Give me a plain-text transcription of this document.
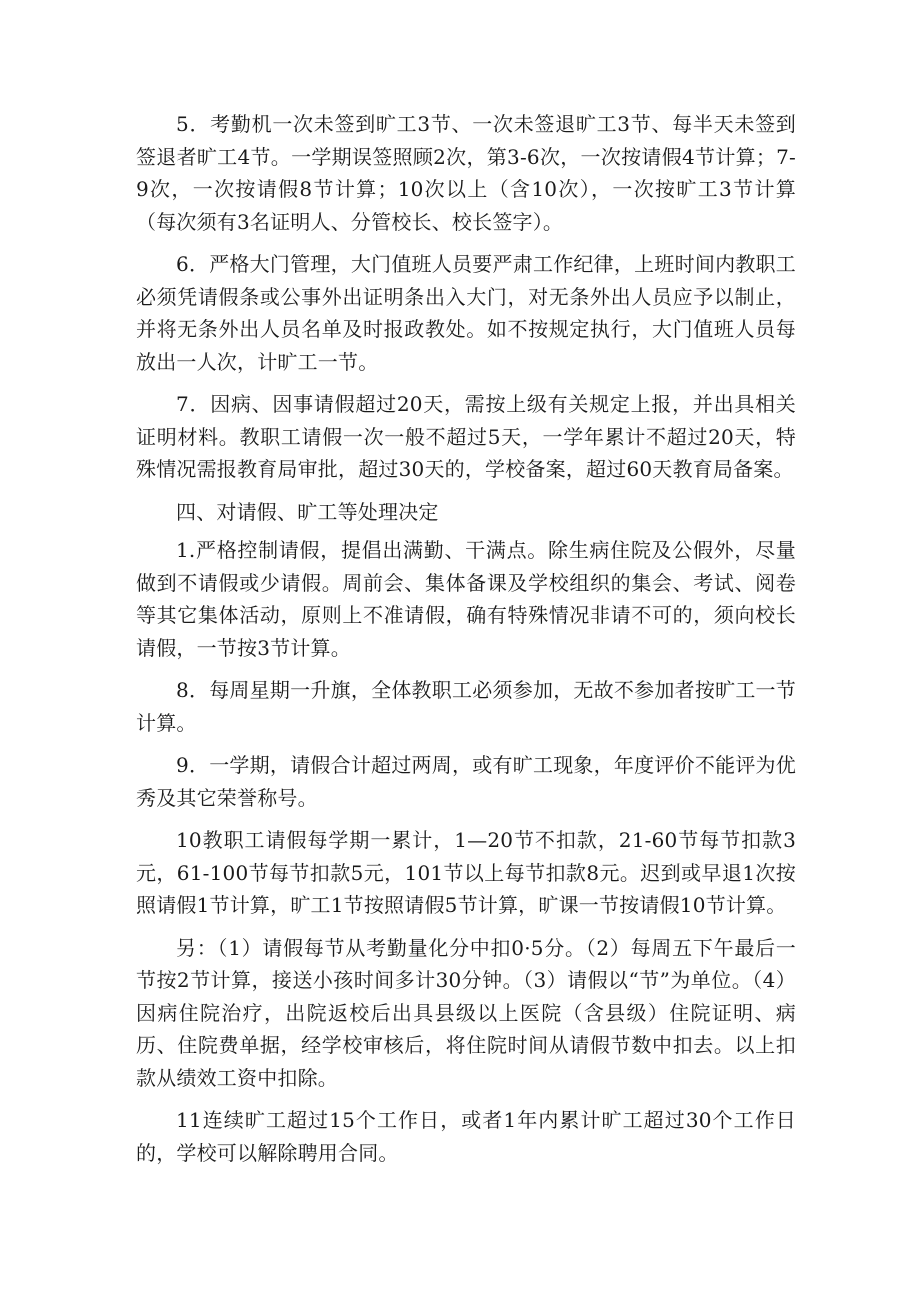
5．考勤机一次未签到旷工3节、一次未签退旷工3节、每半天未签到签退者旷工4节。一学期误签照顾2次，第3-6次，一次按请假4节计算；7-9次，一次按请假8节计算；10次以上（含10次），一次按旷工3节计算（每次须有3名证明人、分管校长、校长签字）。

6．严格大门管理，大门值班人员要严肃工作纪律，上班时间内教职工必须凭请假条或公事外出证明条出入大门，对无条外出人员应予以制止，并将无条外出人员名单及时报政教处。如不按规定执行，大门值班人员每放出一人次，计旷工一节。

7．因病、因事请假超过20天，需按上级有关规定上报，并出具相关证明材料。教职工请假一次一般不超过5天，一学年累计不超过20天，特殊情况需报教育局审批，超过30天的，学校备案，超过60天教育局备案。

四、对请假、旷工等处理决定

1.严格控制请假，提倡出满勤、干满点。除生病住院及公假外，尽量做到不请假或少请假。周前会、集体备课及学校组织的集会、考试、阅卷等其它集体活动，原则上不准请假，确有特殊情况非请不可的，须向校长请假，一节按3节计算。

8．每周星期一升旗，全体教职工必须参加，无故不参加者按旷工一节计算。

9．一学期，请假合计超过两周，或有旷工现象，年度评价不能评为优秀及其它荣誉称号。

10教职工请假每学期一累计，1—20节不扣款，21-60节每节扣款3元，61-100节每节扣款5元，101节以上每节扣款8元。迟到或早退1次按照请假1节计算，旷工1节按照请假5节计算，旷课一节按请假10节计算。

另：（1）请假每节从考勤量化分中扣0·5分。（2）每周五下午最后一节按2节计算，接送小孩时间多计30分钟。（3）请假以“节”为单位。（4）因病住院治疗，出院返校后出具县级以上医院（含县级）住院证明、病历、住院费单据，经学校审核后，将住院时间从请假节数中扣去。以上扣款从绩效工资中扣除。

11连续旷工超过15个工作日，或者1年内累计旷工超过30个工作日的，学校可以解除聘用合同。
